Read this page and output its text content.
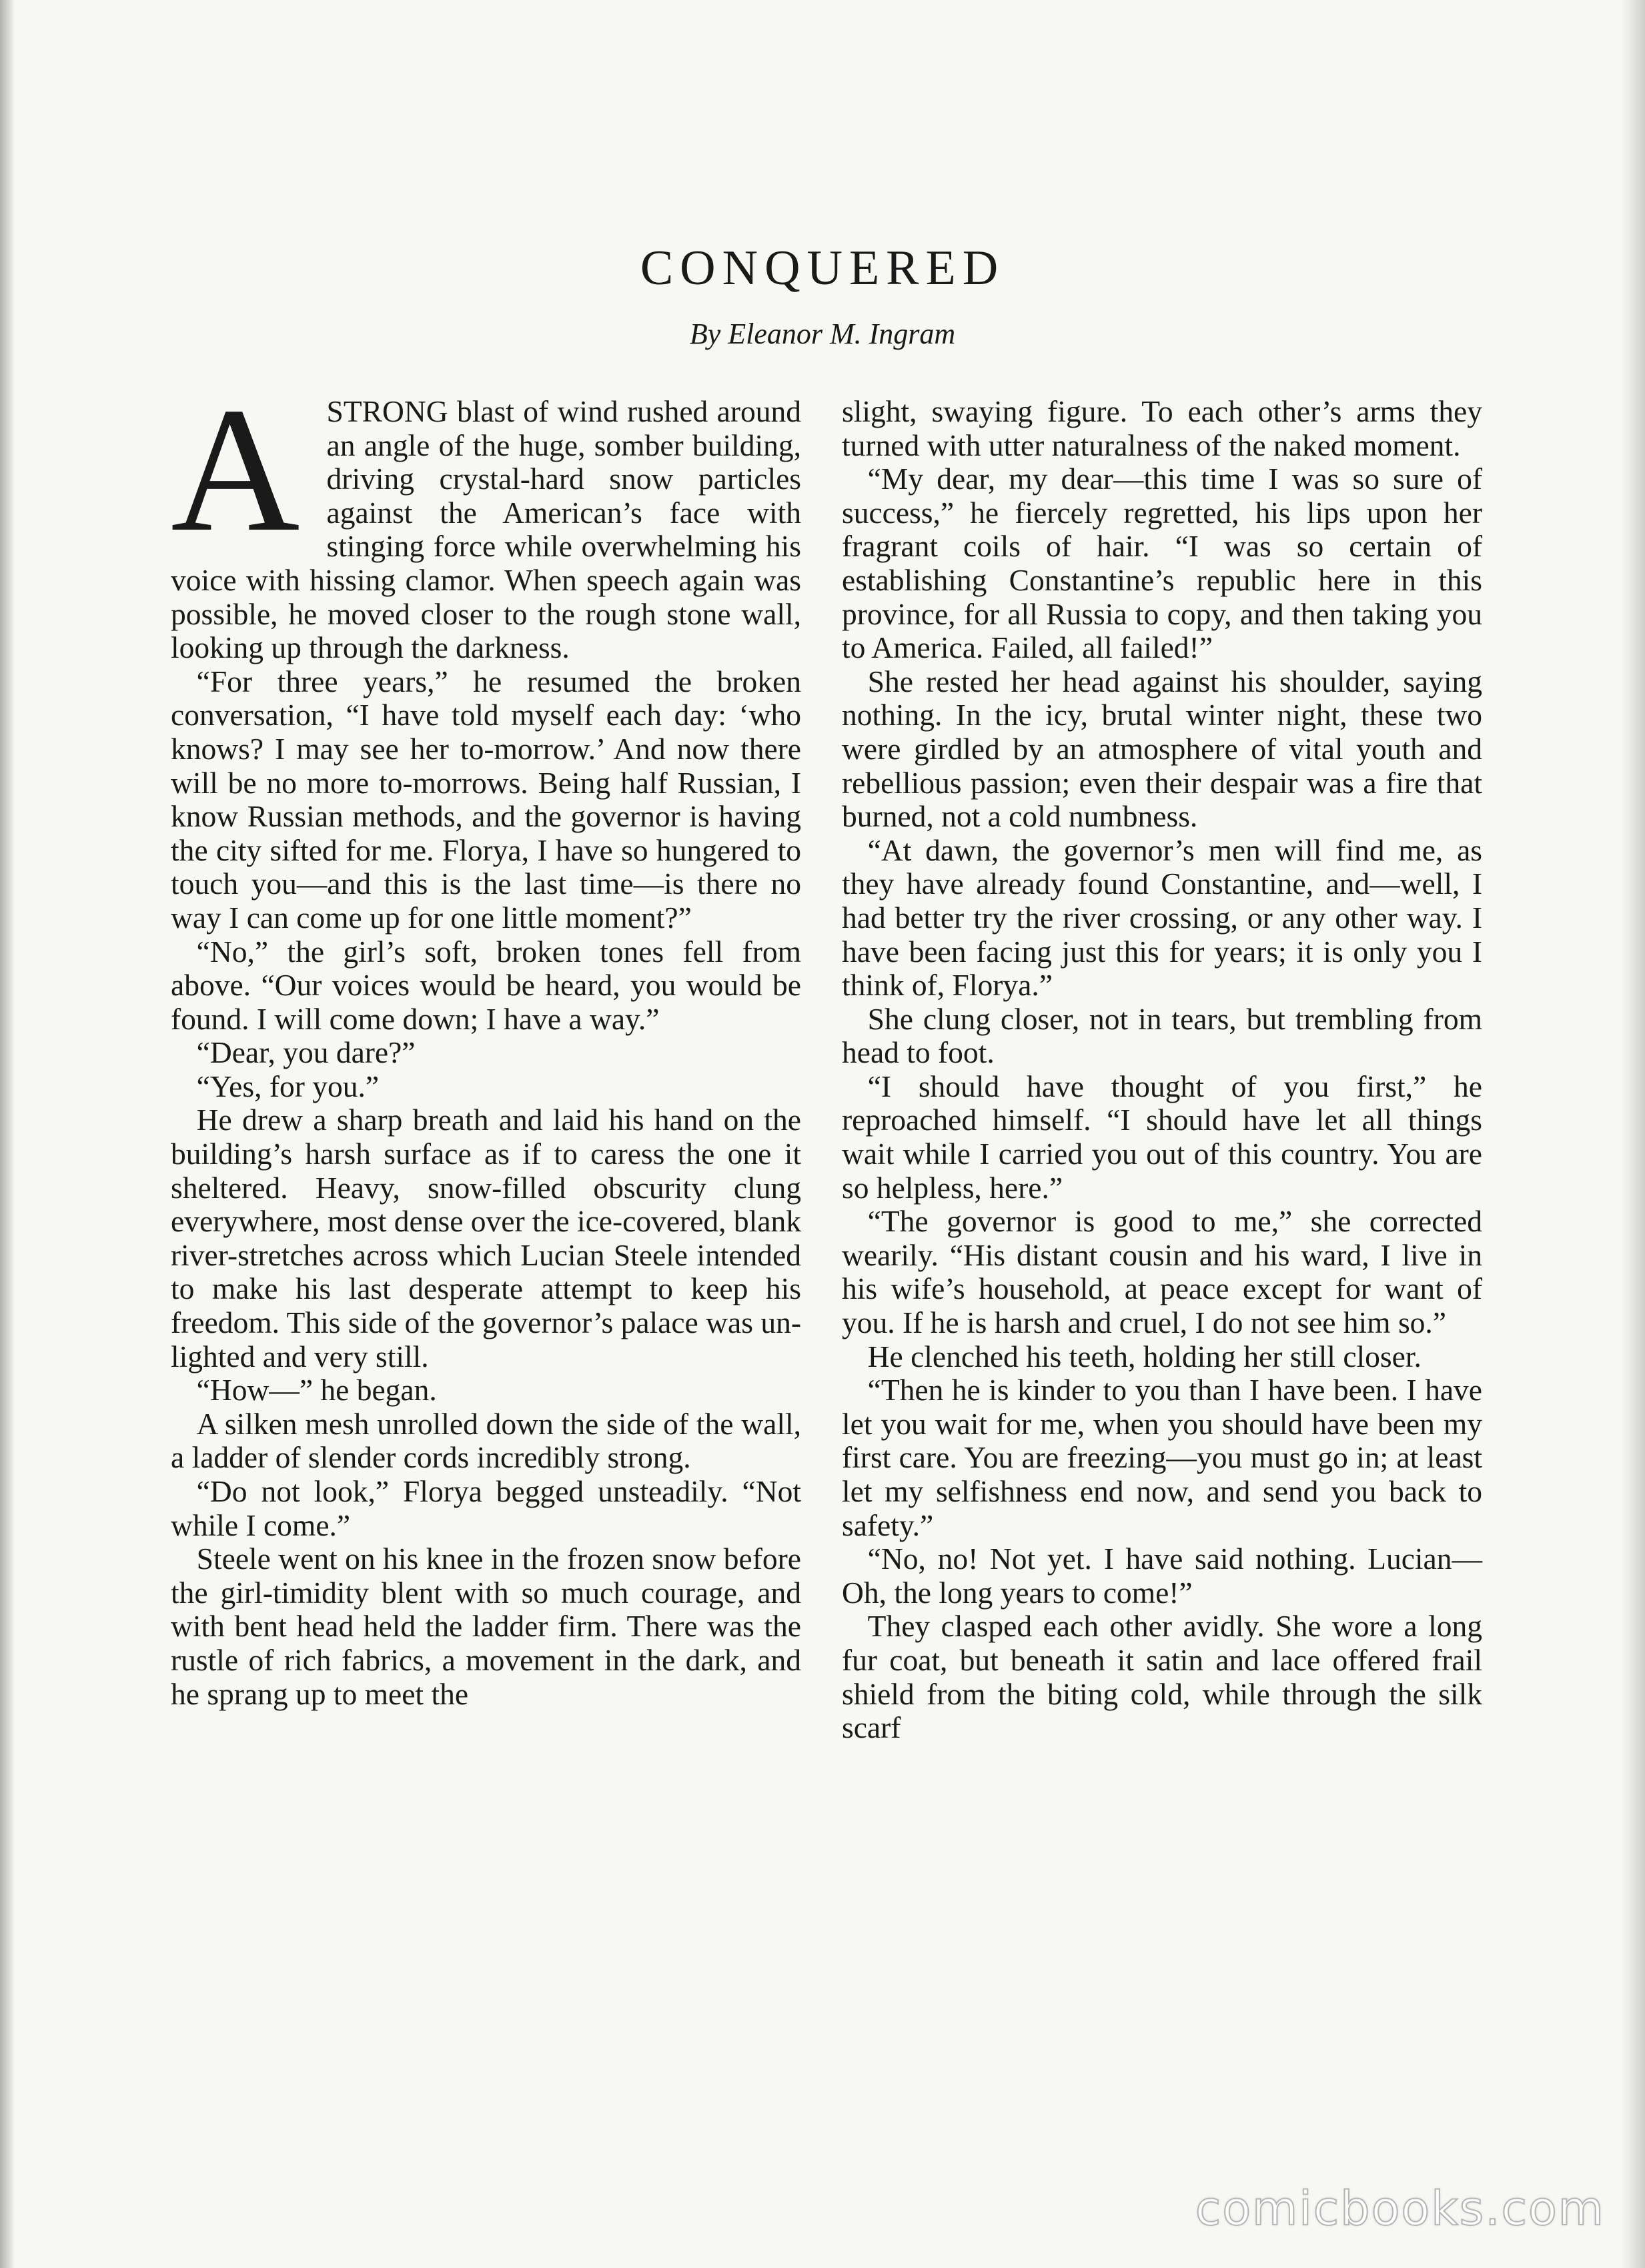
CONQUERED
By Eleanor M. Ingram

ASTRONG blast of wind rushed around an angle of the huge, somber building, driving crystal-hard snow particles against the American’s face with stinging force while overwhelming his voice with hissing clamor. When speech again was possible, he moved closer to the rough stone wall, looking up through the darkness.

“For three years,” he resumed the broken conversation, “I have told myself each day: ‘who knows? I may see her to-morrow.’ And now there will be no more to-morrows. Being half Russian, I know Russian methods, and the governor is having the city sifted for me. Florya, I have so hungered to touch you—and this is the last time—is there no way I can come up for one little moment?”

“No,” the girl’s soft, broken tones fell from above. “Our voices would be heard, you would be found. I will come down; I have a way.”

“Dear, you dare?”

“Yes, for you.”

He drew a sharp breath and laid his hand on the building’s harsh surface as if to caress the one it sheltered. Heavy, snow-filled obscurity clung everywhere, most dense over the ice-covered, blank river-stretches across which Lucian Steele intended to make his last desperate attempt to keep his freedom. This side of the governor’s palace was unlighted and very still.

“How—” he began.

A silken mesh unrolled down the side of the wall, a ladder of slender cords incredibly strong.

“Do not look,” Florya begged unsteadily. “Not while I come.”

Steele went on his knee in the frozen snow before the girl-timidity blent with so much courage, and with bent head held the ladder firm. There was the rustle of rich fabrics, a movement in the dark, and he sprang up to meet the

slight, swaying figure. To each other’s arms they turned with utter naturalness of the naked moment.

“My dear, my dear—this time I was so sure of success,” he fiercely regretted, his lips upon her fragrant coils of hair. “I was so certain of establishing Constantine’s republic here in this province, for all Russia to copy, and then taking you to America. Failed, all failed!”

She rested her head against his shoulder, saying nothing. In the icy, brutal winter night, these two were girdled by an atmosphere of vital youth and rebellious passion; even their despair was a fire that burned, not a cold numbness.

“At dawn, the governor’s men will find me, as they have already found Constantine, and—well, I had better try the river crossing, or any other way. I have been facing just this for years; it is only you I think of, Florya.”

She clung closer, not in tears, but trembling from head to foot.

“I should have thought of you first,” he reproached himself. “I should have let all things wait while I carried you out of this country. You are so helpless, here.”

“The governor is good to me,” she corrected wearily. “His distant cousin and his ward, I live in his wife’s household, at peace except for want of you. If he is harsh and cruel, I do not see him so.”

He clenched his teeth, holding her still closer.

“Then he is kinder to you than I have been. I have let you wait for me, when you should have been my first care. You are freezing—you must go in; at least let my selfishness end now, and send you back to safety.”

“No, no! Not yet. I have said nothing. Lucian— Oh, the long years to come!”

They clasped each other avidly. She wore a long fur coat, but beneath it satin and lace offered frail shield from the biting cold, while through the silk scarf

comicbooks.com
